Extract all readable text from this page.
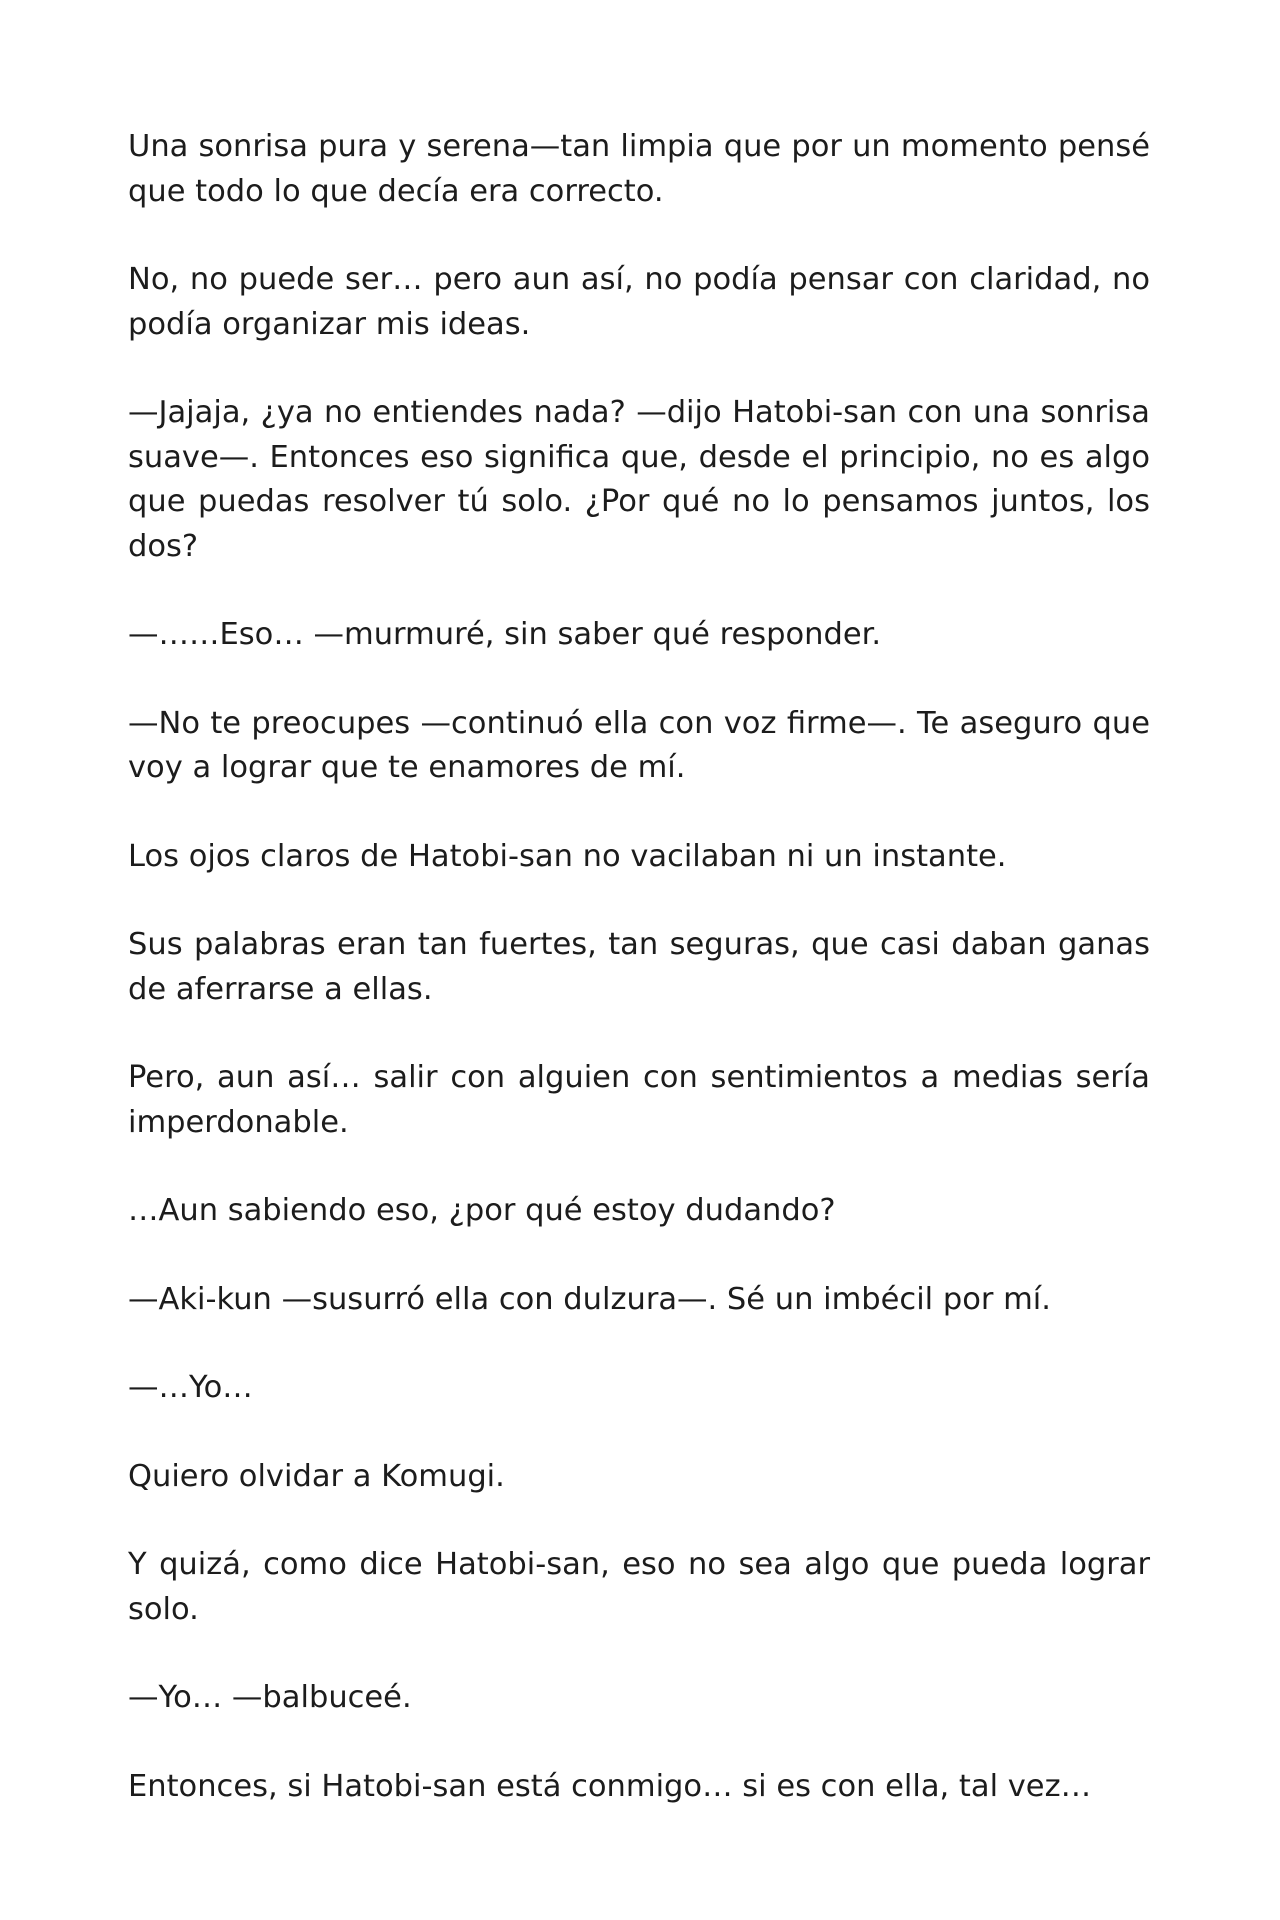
Una sonrisa pura y serena—tan limpia que por un momento pensé que todo lo que decía era correcto.

No, no puede ser… pero aun así, no podía pensar con claridad, no podía organizar mis ideas.

—Jajaja, ¿ya no entiendes nada? —dijo Hatobi-san con una sonrisa suave—. Entonces eso significa que, desde el principio, no es algo que puedas resolver tú solo. ¿Por qué no lo pensamos juntos, los dos?

—……Eso… —murmuré, sin saber qué responder.

—No te preocupes —continuó ella con voz firme—. Te aseguro que voy a lograr que te enamores de mí.

Los ojos claros de Hatobi-san no vacilaban ni un instante.

Sus palabras eran tan fuertes, tan seguras, que casi daban ganas de aferrarse a ellas.

Pero, aun así… salir con alguien con sentimientos a medias sería imperdonable.

…Aun sabiendo eso, ¿por qué estoy dudando?

—Aki-kun —susurró ella con dulzura—. Sé un imbécil por mí.

—…Yo…

Quiero olvidar a Komugi.

Y quizá, como dice Hatobi-san, eso no sea algo que pueda lograr solo.

—Yo… —balbuceé.

Entonces, si Hatobi-san está conmigo… si es con ella, tal vez…
